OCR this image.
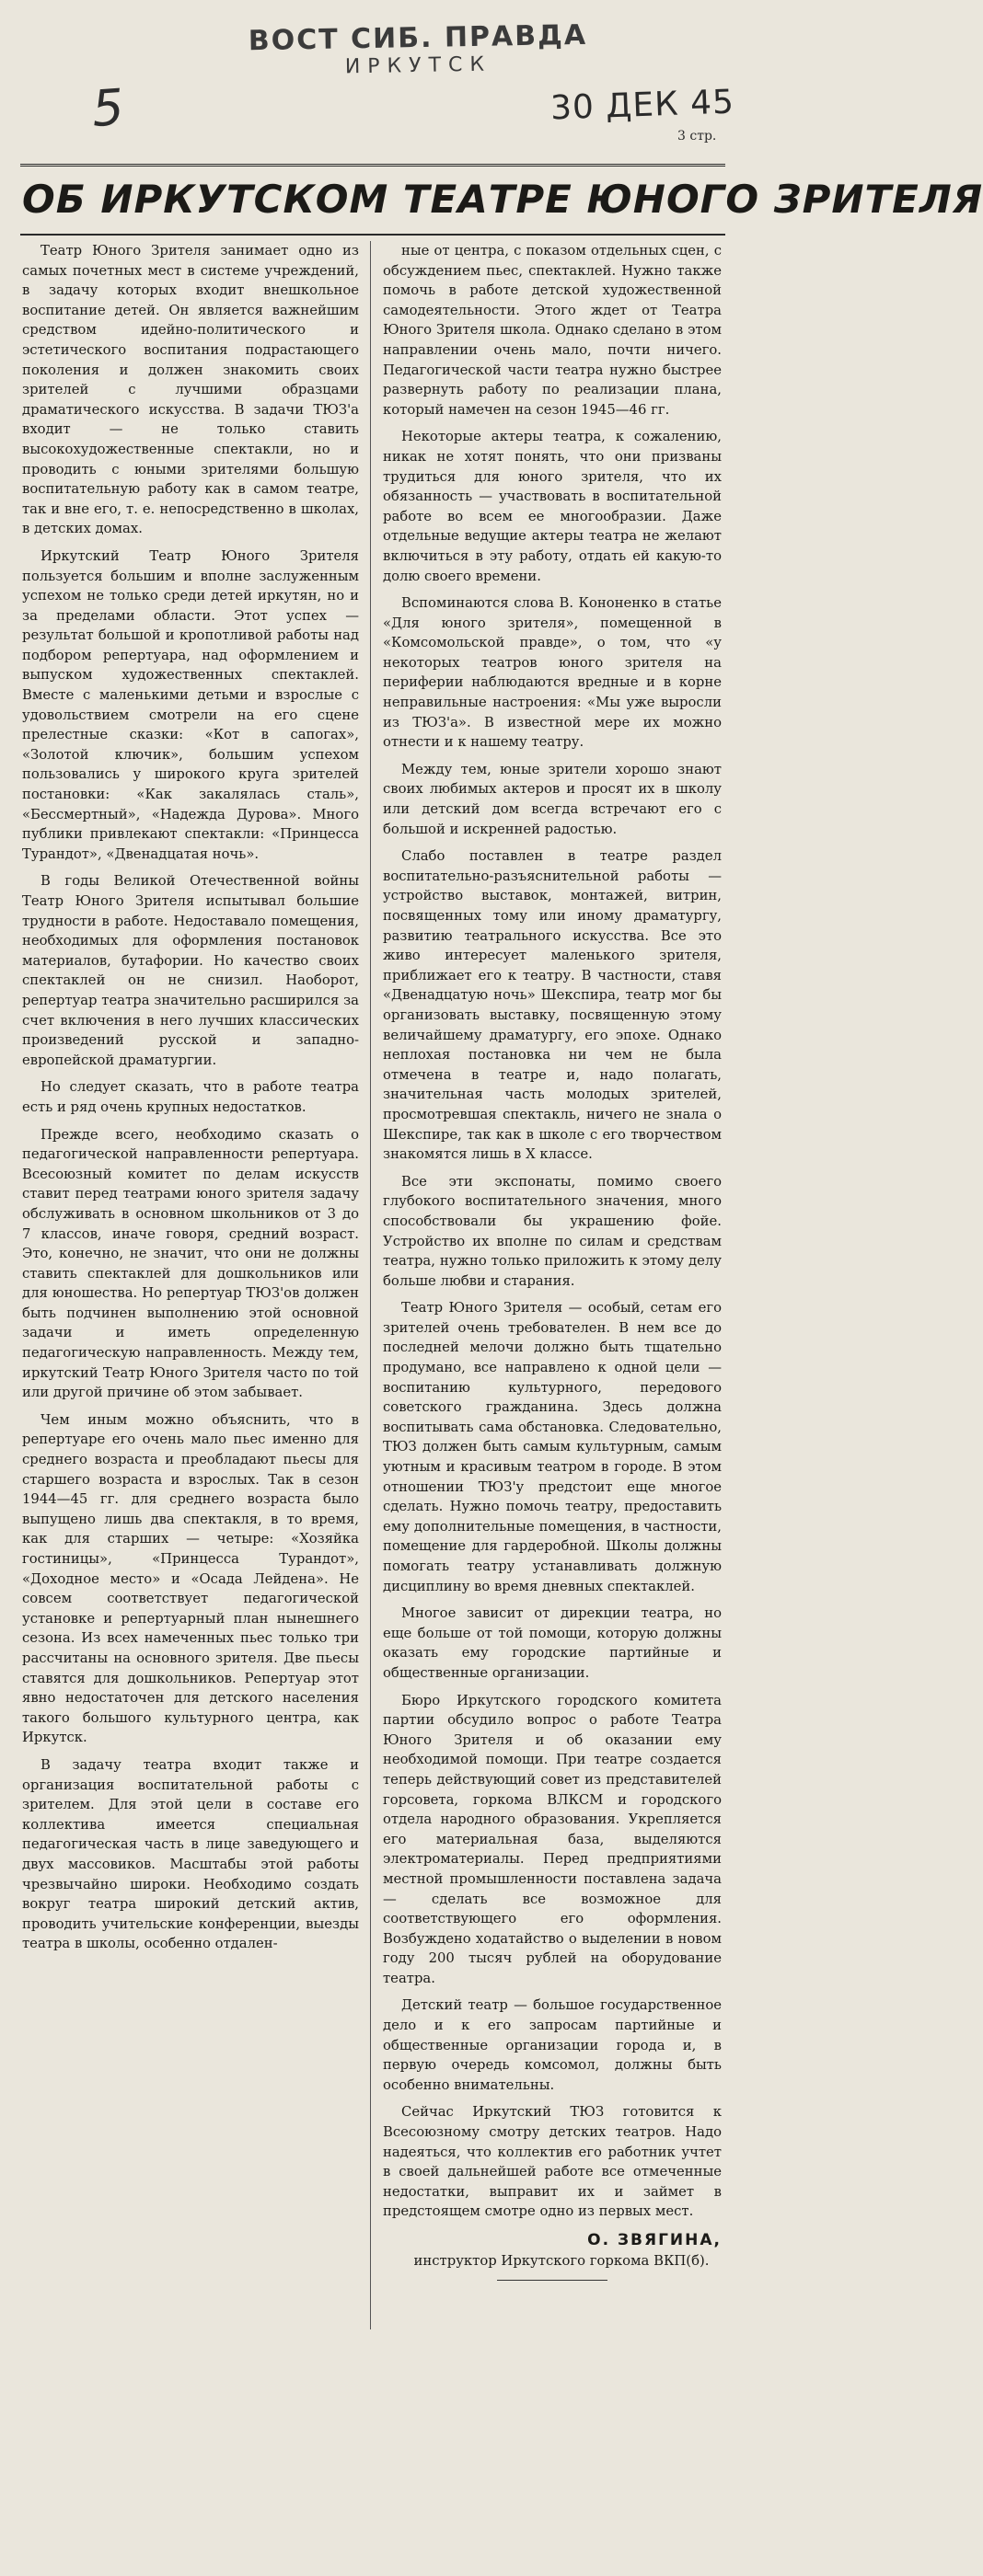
5
ВОСТ СИБ. ПРАВДА
ИРКУТСК
30 ДЕК 45
3 стр.
ОБ ИРКУТСКОМ ТЕАТРЕ ЮНОГО ЗРИТЕЛЯ

Театр Юного Зрителя занимает одно из самых почетных мест в системе учреждений, в задачу которых входит внешкольное воспитание детей. Он является важнейшим средством идейно-политического и эстетического воспитания подрастающего поколения и должен знакомить своих зрителей с лучшими образцами драматического искусства. В задачи ТЮЗ'а входит — не только ставить высокохудожественные спектакли, но и проводить с юными зрителями большую воспитательную работу как в самом театре, так и вне его, т. е. непосредственно в школах, в детских домах.

Иркутский Театр Юного Зрителя пользуется большим и вполне заслуженным успехом не только среди детей иркутян, но и за пределами области. Этот успех — результат большой и кропотливой работы над подбором репертуара, над оформлением и выпуском художественных спектаклей. Вместе с маленькими детьми и взрослые с удовольствием смотрели на его сцене прелестные сказки: «Кот в сапогах», «Золотой ключик», большим успехом пользовались у широкого круга зрителей постановки: «Как закалялась сталь», «Бессмертный», «Надежда Дурова». Много публики привлекают спектакли: «Принцесса Турандот», «Двенадцатая ночь».

В годы Великой Отечественной войны Театр Юного Зрителя испытывал большие трудности в работе. Недоставало помещения, необходимых для оформления постановок материалов, бутафории. Но качество своих спектаклей он не снизил. Наоборот, репертуар театра значительно расширился за счет включения в него лучших классических произведений русской и западно-европейской драматургии.

Но следует сказать, что в работе театра есть и ряд очень крупных недостатков.

Прежде всего, необходимо сказать о педагогической направленности репертуара. Всесоюзный комитет по делам искусств ставит перед театрами юного зрителя задачу обслуживать в основном школьников от 3 до 7 классов, иначе говоря, средний возраст. Это, конечно, не значит, что они не должны ставить спектаклей для дошкольников или для юношества. Но репертуар ТЮЗ'ов должен быть подчинен выполнению этой основной задачи и иметь определенную педагогическую направленность. Между тем, иркутский Театр Юного Зрителя часто по той или другой причине об этом забывает.

Чем иным можно объяснить, что в репертуаре его очень мало пьес именно для среднего возраста и преобладают пьесы для старшего возраста и взрослых. Так в сезон 1944—45 гг. для среднего возраста было выпущено лишь два спектакля, в то время, как для старших — четыре: «Хозяйка гостиницы», «Принцесса Турандот», «Доходное место» и «Осада Лейдена». Не совсем соответствует педагогической установке и репертуарный план нынешнего сезона. Из всех намеченных пьес только три рассчитаны на основного зрителя. Две пьесы ставятся для дошкольников. Репертуар этот явно недостаточен для детского населения такого большого культурного центра, как Иркутск.

В задачу театра входит также и организация воспитательной работы с зрителем. Для этой цели в составе его коллектива имеется специальная педагогическая часть в лице заведующего и двух массовиков. Масштабы этой работы чрезвычайно широки. Необходимо создать вокруг театра широкий детский актив, проводить учительские конференции, выезды театра в школы, особенно отдален-

ные от центра, с показом отдельных сцен, с обсуждением пьес, спектаклей. Нужно также помочь в работе детской художественной самодеятельности. Этого ждет от Театра Юного Зрителя школа. Однако сделано в этом направлении очень мало, почти ничего. Педагогической части театра нужно быстрее развернуть работу по реализации плана, который намечен на сезон 1945—46 гг.

Некоторые актеры театра, к сожалению, никак не хотят понять, что они призваны трудиться для юного зрителя, что их обязанность — участвовать в воспитательной работе во всем ее многообразии. Даже отдельные ведущие актеры театра не желают включиться в эту работу, отдать ей какую-то долю своего времени.

Вспоминаются слова В. Кононенко в статье «Для юного зрителя», помещенной в «Комсомольской правде», о том, что «у некоторых театров юного зрителя на периферии наблюдаются вредные и в корне неправильные настроения: «Мы уже выросли из ТЮЗ'а». В известной мере их можно отнести и к нашему театру.

Между тем, юные зрители хорошо знают своих любимых актеров и просят их в школу или детский дом всегда встречают его с большой и искренней радостью.

Слабо поставлен в театре раздел воспитательно-разъяснительной работы — устройство выставок, монтажей, витрин, посвященных тому или иному драматургу, развитию театрального искусства. Все это живо интересует маленького зрителя, приближает его к театру. В частности, ставя «Двенадцатую ночь» Шекспира, театр мог бы организовать выставку, посвященную этому величайшему драматургу, его эпохе. Однако неплохая постановка ни чем не была отмечена в театре и, надо полагать, значительная часть молодых зрителей, просмотревшая спектакль, ничего не знала о Шекспире, так как в школе с его творчеством знакомятся лишь в X классе.

Все эти экспонаты, помимо своего глубокого воспитательного значения, много способствовали бы украшению фойе. Устройство их вполне по силам и средствам театра, нужно только приложить к этому делу больше любви и старания.

Театр Юного Зрителя — особый, сетам его зрителей очень требователен. В нем все до последней мелочи должно быть тщательно продумано, все направлено к одной цели — воспитанию культурного, передового советского гражданина. Здесь должна воспитывать сама обстановка. Следовательно, ТЮЗ должен быть самым культурным, самым уютным и красивым театром в городе. В этом отношении ТЮЗ'у предстоит еще многое сделать. Нужно помочь театру, предоставить ему дополнительные помещения, в частности, помещение для гардеробной. Школы должны помогать театру устанавливать должную дисциплину во время дневных спектаклей.

Многое зависит от дирекции театра, но еще больше от той помощи, которую должны оказать ему городские партийные и общественные организации.

Бюро Иркутского городского комитета партии обсудило вопрос о работе Театра Юного Зрителя и об оказании ему необходимой помощи. При театре создается теперь действующий совет из представителей горсовета, горкома ВЛКСМ и городского отдела народного образования. Укрепляется его материальная база, выделяются электроматериалы. Перед предприятиями местной промышленности поставлена задача — сделать все возможное для соответствующего его оформления. Возбуждено ходатайство о выделении в новом году 200 тысяч рублей на оборудование театра.

Детский театр — большое государственное дело и к его запросам партийные и общественные организации города и, в первую очередь комсомол, должны быть особенно внимательны.

Сейчас Иркутский ТЮЗ готовится к Всесоюзному смотру детских театров. Надо надеяться, что коллектив его работник учтет в своей дальнейшей работе все отмеченные недостатки, выправит их и займет в предстоящем смотре одно из первых мест.

О. ЗВЯГИНА,

инструктор Иркутского горкома ВКП(б).
